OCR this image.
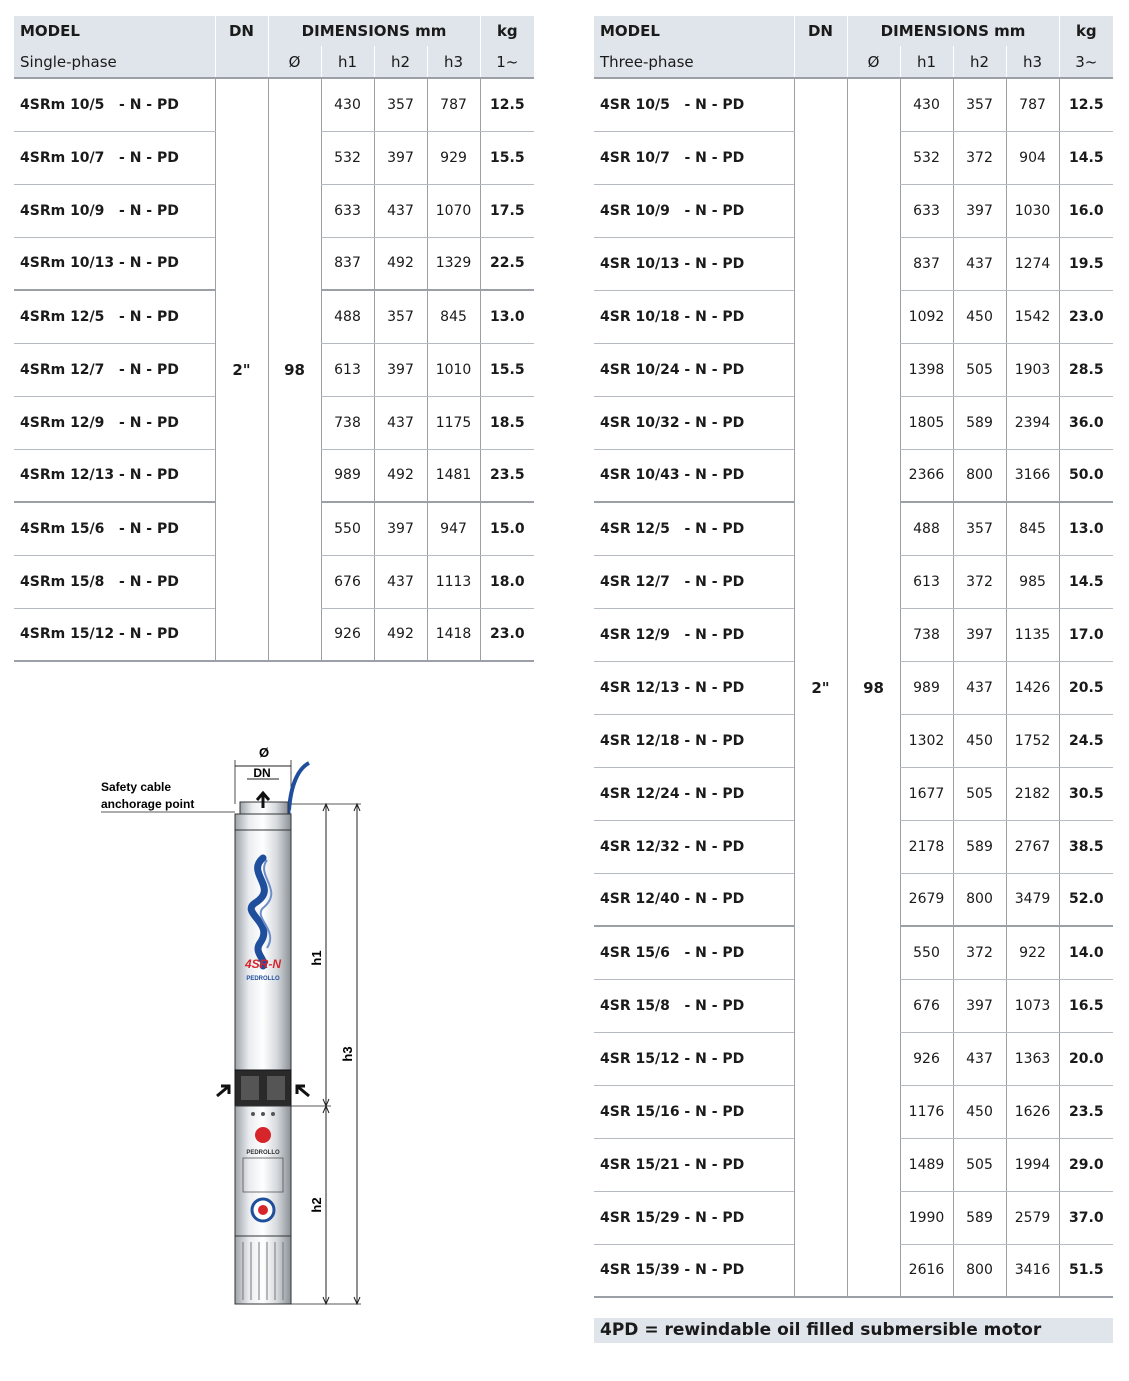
MODEL	DN	DIMENSIONS mm				kg
Single-phase		Ø	h1	h2	h3	1~
4SRm 10/5   - N - PD	2"	98	430	357	787	12.5
4SRm 10/7   - N - PD			532	397	929	15.5
4SRm 10/9   - N - PD			633	437	1070	17.5
4SRm 10/13 - N - PD			837	492	1329	22.5
4SRm 12/5   - N - PD			488	357	845	13.0
4SRm 12/7   - N - PD			613	397	1010	15.5
4SRm 12/9   - N - PD			738	437	1175	18.5
4SRm 12/13 - N - PD			989	492	1481	23.5
4SRm 15/6   - N - PD			550	397	947	15.0
4SRm 15/8   - N - PD			676	437	1113	18.0
4SRm 15/12 - N - PD			926	492	1418	23.0
MODEL	DN	DIMENSIONS mm				kg
Three-phase		Ø	h1	h2	h3	3~
4SR 10/5   - N - PD	2"	98	430	357	787	12.5
4SR 10/7   - N - PD			532	372	904	14.5
4SR 10/9   - N - PD			633	397	1030	16.0
4SR 10/13 - N - PD			837	437	1274	19.5
4SR 10/18 - N - PD			1092	450	1542	23.0
4SR 10/24 - N - PD			1398	505	1903	28.5
4SR 10/32 - N - PD			1805	589	2394	36.0
4SR 10/43 - N - PD			2366	800	3166	50.0
4SR 12/5   - N - PD			488	357	845	13.0
4SR 12/7   - N - PD			613	372	985	14.5
4SR 12/9   - N - PD			738	397	1135	17.0
4SR 12/13 - N - PD			989	437	1426	20.5
4SR 12/18 - N - PD			1302	450	1752	24.5
4SR 12/24 - N - PD			1677	505	2182	30.5
4SR 12/32 - N - PD			2178	589	2767	38.5
4SR 12/40 - N - PD			2679	800	3479	52.0
4SR 15/6   - N - PD			550	372	922	14.0
4SR 15/8   - N - PD			676	397	1073	16.5
4SR 15/12 - N - PD			926	437	1363	20.0
4SR 15/16 - N - PD			1176	450	1626	23.5
4SR 15/21 - N - PD			1489	505	1994	29.0
4SR 15/29 - N - PD			1990	589	2579	37.0
4SR 15/39 - N - PD			2616	800	3416	51.5
4PD = rewindable oil filled submersible motor
Ø
DN
Safety cable
anchorage point
4SR-N
PEDROLLO
PEDROLLO
h1
h2
h3
